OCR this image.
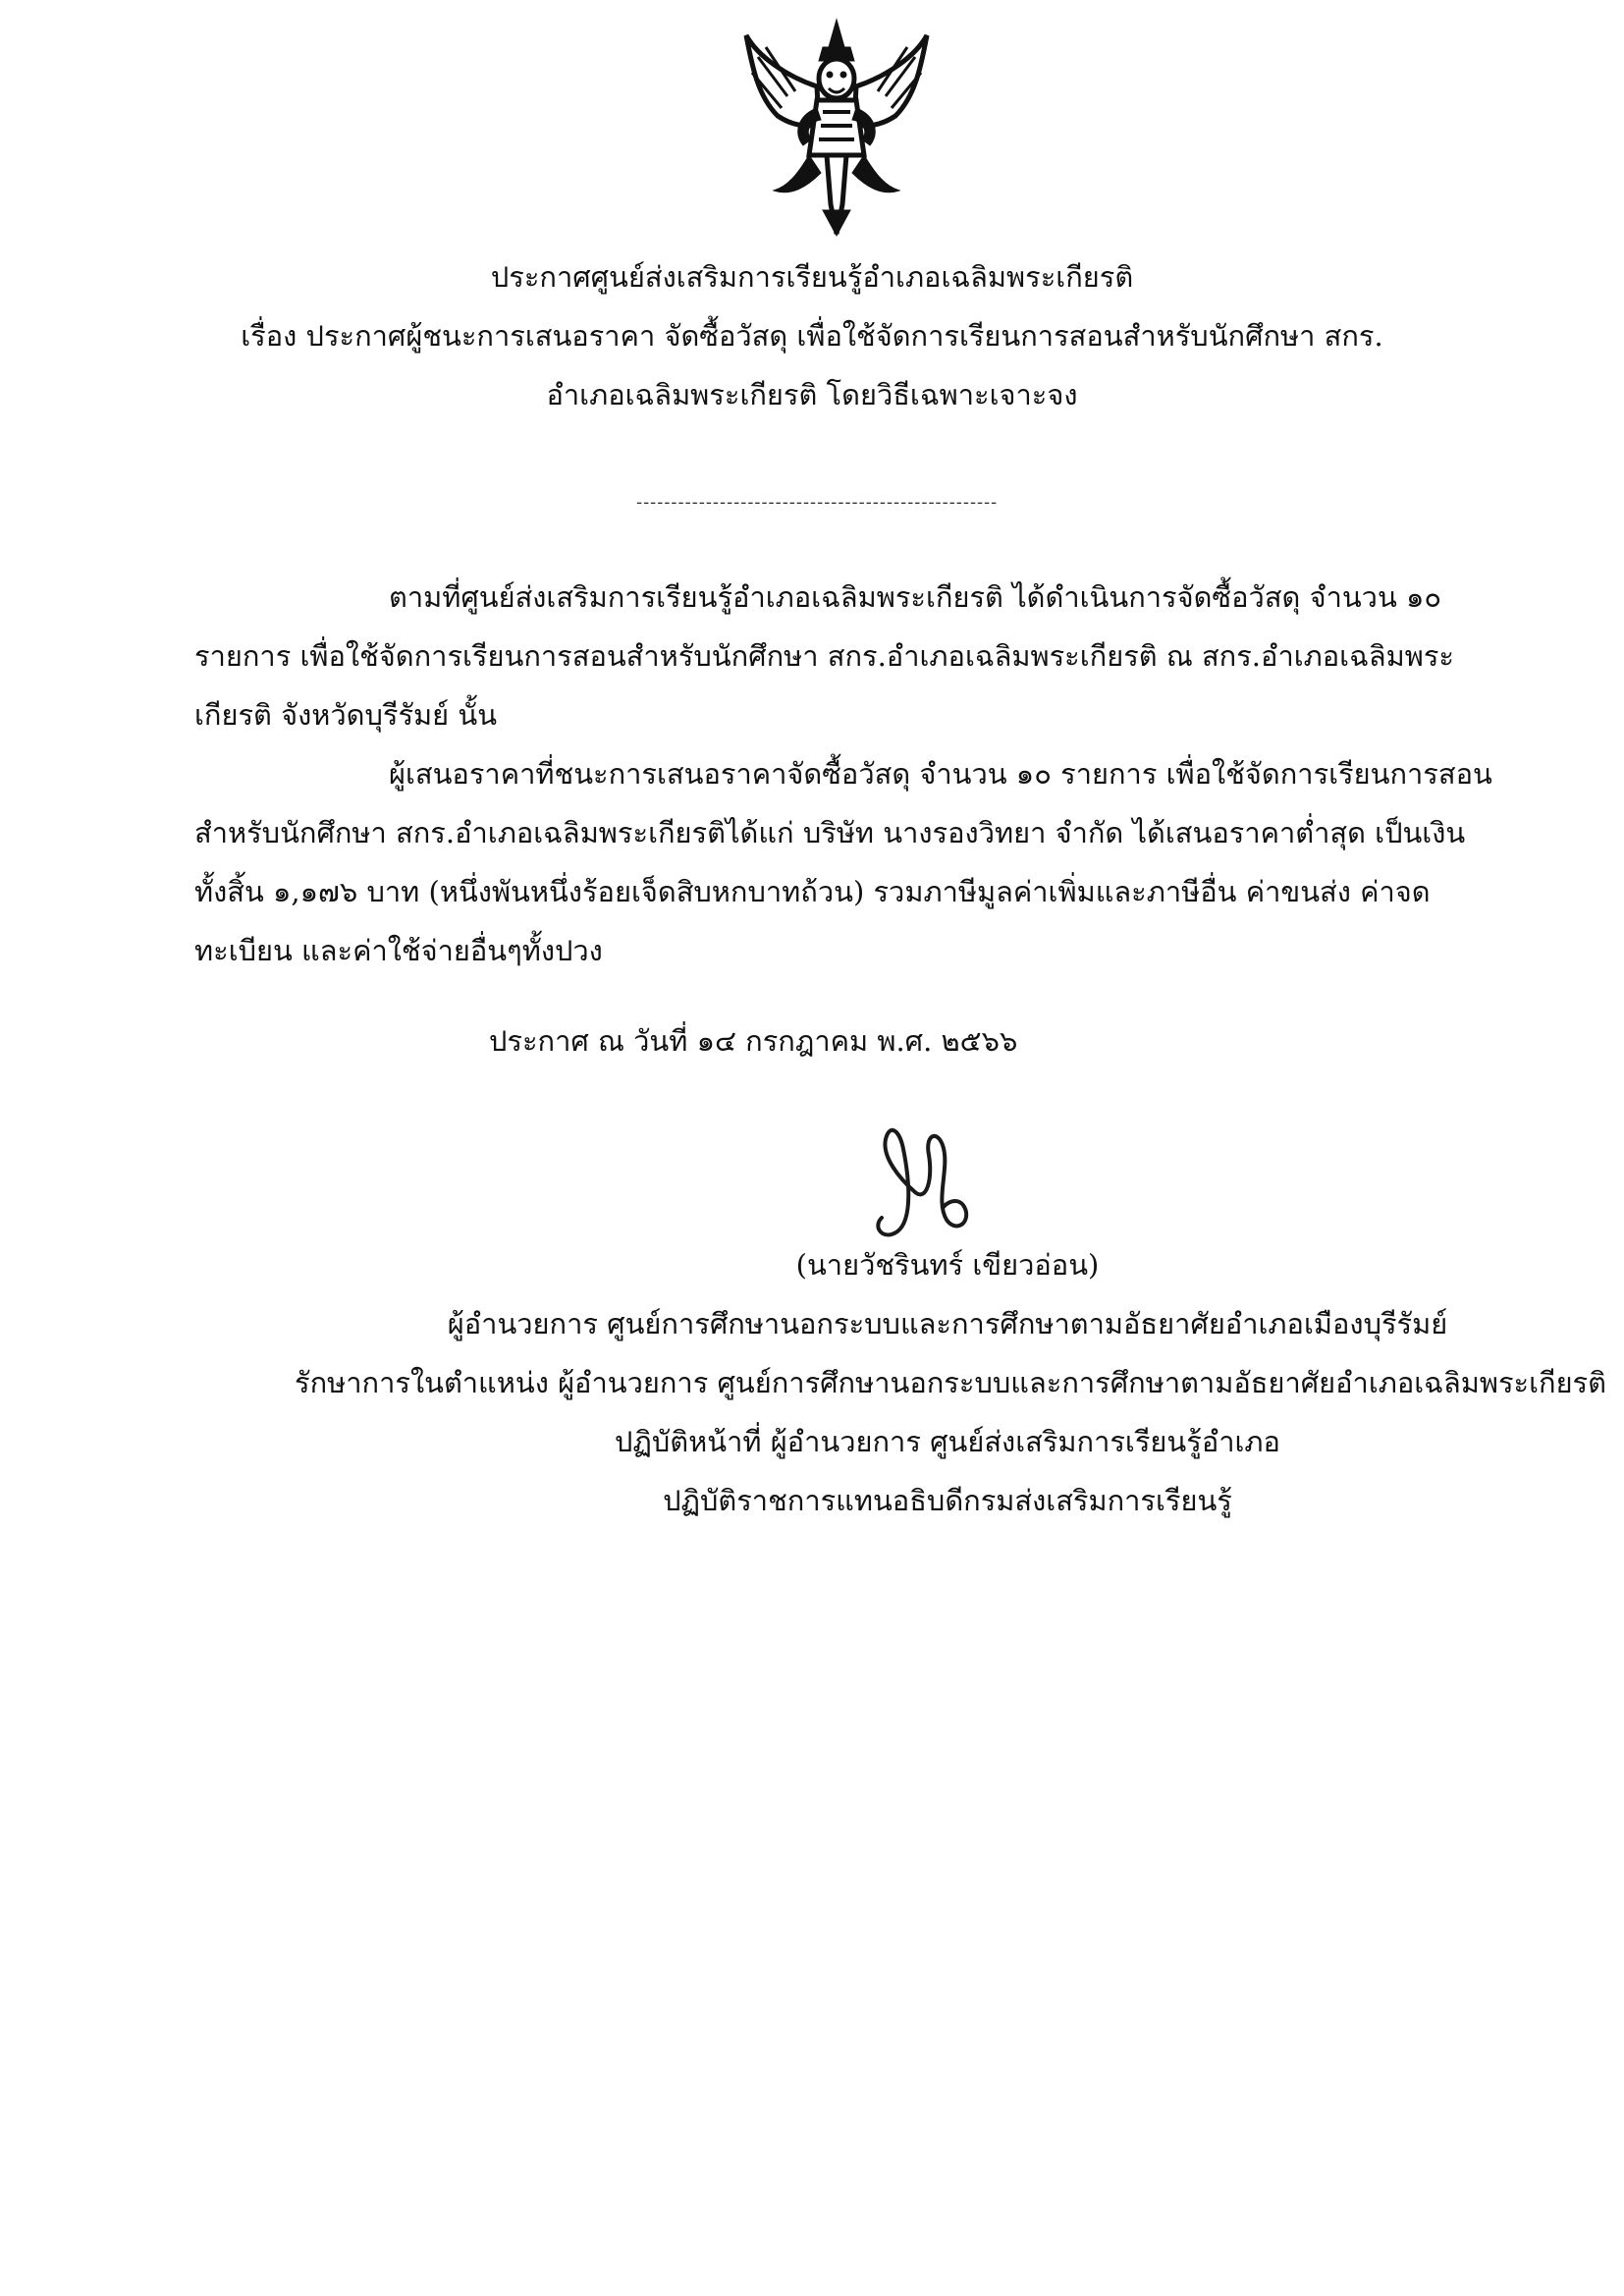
ประกาศศูนย์ส่งเสริมการเรียนรู้อำเภอเฉลิมพระเกียรติ
เรื่อง ประกาศผู้ชนะการเสนอราคา จัดซื้อวัสดุ เพื่อใช้จัดการเรียนการสอนสำหรับนักศึกษา สกร.
อำเภอเฉลิมพระเกียรติ โดยวิธีเฉพาะเจาะจง
----------------------------------------------------
ตามที่ศูนย์ส่งเสริมการเรียนรู้อำเภอเฉลิมพระเกียรติ ได้ดำเนินการจัดซื้อวัสดุ จำนวน ๑๐
รายการ เพื่อใช้จัดการเรียนการสอนสำหรับนักศึกษา สกร.อำเภอเฉลิมพระเกียรติ ณ สกร.อำเภอเฉลิมพระ
เกียรติ จังหวัดบุรีรัมย์ นั้น
ผู้เสนอราคาที่ชนะการเสนอราคาจัดซื้อวัสดุ จำนวน ๑๐ รายการ เพื่อใช้จัดการเรียนการสอน
สำหรับนักศึกษา สกร.อำเภอเฉลิมพระเกียรติได้แก่ บริษัท นางรองวิทยา จำกัด ได้เสนอราคาต่ำสุด เป็นเงิน
ทั้งสิ้น ๑,๑๗๖ บาท (หนึ่งพันหนึ่งร้อยเจ็ดสิบหกบาทถ้วน) รวมภาษีมูลค่าเพิ่มและภาษีอื่น ค่าขนส่ง ค่าจด
ทะเบียน และค่าใช้จ่ายอื่นๆทั้งปวง
ประกาศ ณ วันที่ ๑๔ กรกฎาคม พ.ศ. ๒๕๖๖
(นายวัชรินทร์ เขียวอ่อน)
ผู้อำนวยการ ศูนย์การศึกษานอกระบบและการศึกษาตามอัธยาศัยอำเภอเมืองบุรีรัมย์
รักษาการในตำแหน่ง ผู้อำนวยการ ศูนย์การศึกษานอกระบบและการศึกษาตามอัธยาศัยอำเภอเฉลิมพระเกียรติ
ปฏิบัติหน้าที่ ผู้อำนวยการ ศูนย์ส่งเสริมการเรียนรู้อำเภอ
ปฏิบัติราชการแทนอธิบดีกรมส่งเสริมการเรียนรู้
